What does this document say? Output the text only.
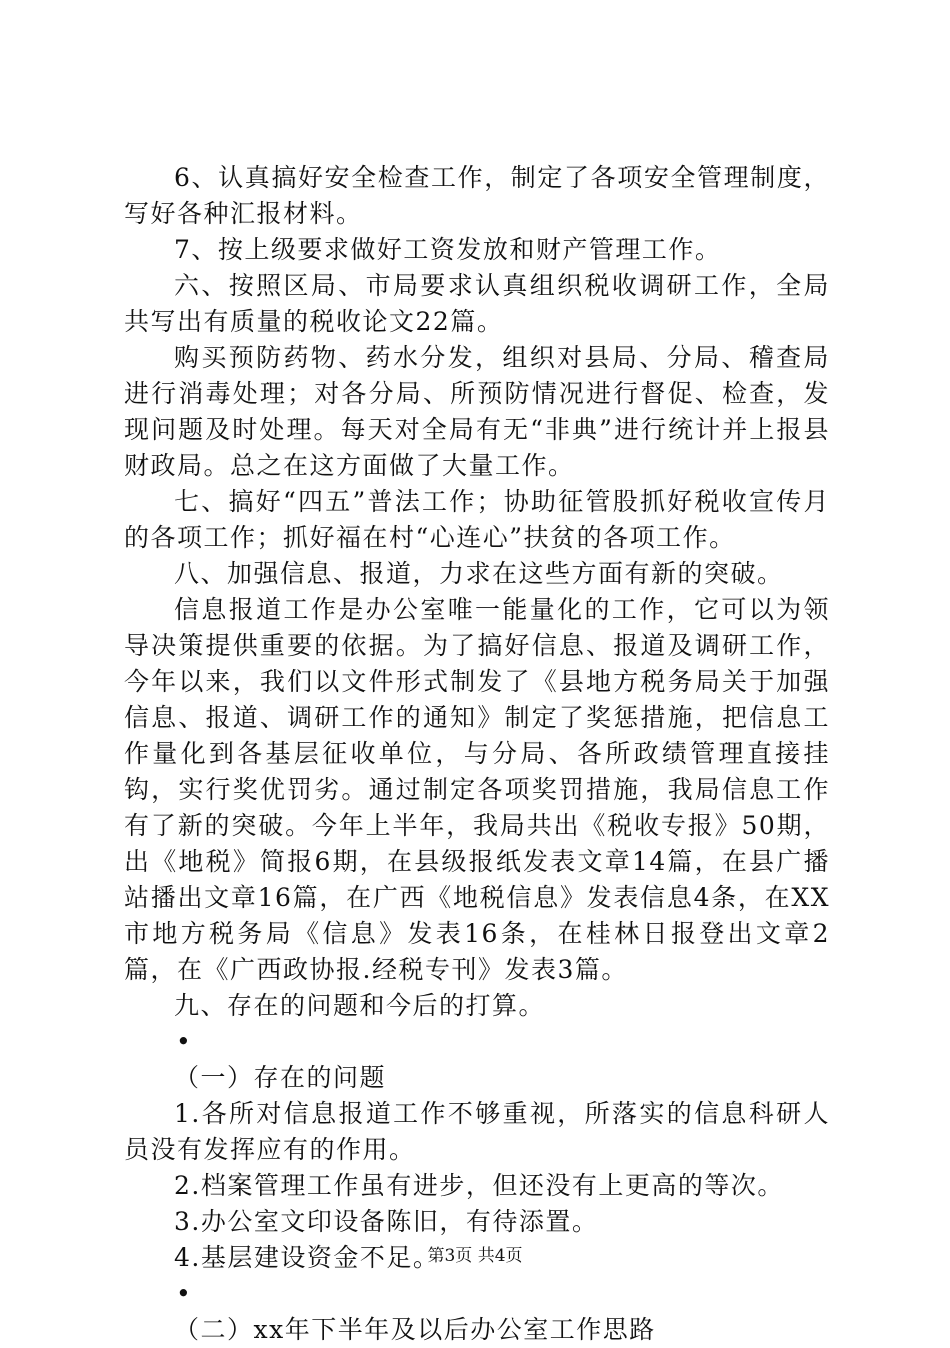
6、认真搞好安全检查工作，制定了各项安全管理制度，写好各种汇报材料。

7、按上级要求做好工资发放和财产管理工作。

六、按照区局、市局要求认真组织税收调研工作，全局共写出有质量的税收论文22篇。

购买预防药物、药水分发，组织对县局、分局、稽查局进行消毒处理；对各分局、所预防情况进行督促、检查，发现问题及时处理。每天对全局有无“非典”进行统计并上报县财政局。总之在这方面做了大量工作。

七、搞好“四五”普法工作；协助征管股抓好税收宣传月的各项工作；抓好福在村“心连心”扶贫的各项工作。

八、加强信息、报道，力求在这些方面有新的突破。

信息报道工作是办公室唯一能量化的工作，它可以为领导决策提供重要的依据。为了搞好信息、报道及调研工作，今年以来，我们以文件形式制发了《县地方税务局关于加强信息、报道、调研工作的通知》制定了奖惩措施，把信息工作量化到各基层征收单位，与分局、各所政绩管理直接挂钩，实行奖优罚劣。通过制定各项奖罚措施，我局信息工作有了新的突破。今年上半年，我局共出《税收专报》50期，出《地税》简报6期，在县级报纸发表文章14篇，在县广播站播出文章16篇，在广西《地税信息》发表信息4条，在XX市地方税务局《信息》发表16条，在桂林日报登出文章2篇，在《广西政协报.经税专刊》发表3篇。

九、存在的问题和今后的打算。

•

（一）存在的问题

1.各所对信息报道工作不够重视，所落实的信息科研人员没有发挥应有的作用。

2.档案管理工作虽有进步，但还没有上更高的等次。

3.办公室文印设备陈旧，有待添置。

4.基层建设资金不足。

•

（二）xx年下半年及以后办公室工作思路

第3页 共4页
